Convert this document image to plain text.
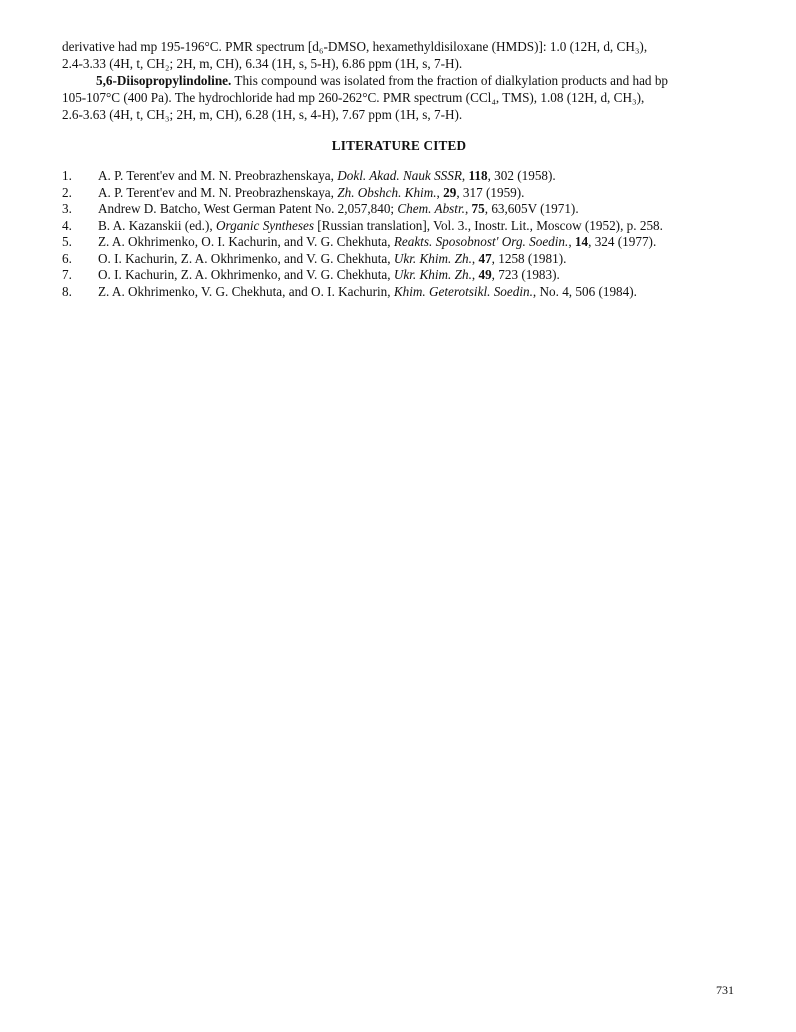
derivative had mp 195-196°C. PMR spectrum [d₆-DMSO, hexamethyldisiloxane (HMDS)]: 1.0 (12H, d, CH₃),
2.4-3.33 (4H, t, CH₂; 2H, m, CH), 6.34 (1H, s, 5-H), 6.86 ppm (1H, s, 7-H).

5,6-Diisopropylindoline. This compound was isolated from the fraction of dialkylation products and had bp
105-107°C (400 Pa). The hydrochloride had mp 260-262°C. PMR spectrum (CCl₄, TMS), 1.08 (12H, d, CH₃),
2.6-3.63 (4H, t, CH₃; 2H, m, CH), 6.28 (1H, s, 4-H), 7.67 ppm (1H, s, 7-H).

LITERATURE CITED
1.	A. P. Terent'ev and M. N. Preobrazhenskaya, Dokl. Akad. Nauk SSSR, 118, 302 (1958).
2.	A. P. Terent'ev and M. N. Preobrazhenskaya, Zh. Obshch. Khim., 29, 317 (1959).
3.	Andrew D. Batcho, West German Patent No. 2,057,840; Chem. Abstr., 75, 63,605V (1971).
4.	B. A. Kazanskii (ed.), Organic Syntheses [Russian translation], Vol. 3., Inostr. Lit., Moscow (1952), p. 258.
5.	Z. A. Okhrimenko, O. I. Kachurin, and V. G. Chekhuta, Reakts. Sposobnost' Org. Soedin., 14, 324 (1977).
6.	O. I. Kachurin, Z. A. Okhrimenko, and V. G. Chekhuta, Ukr. Khim. Zh., 47, 1258 (1981).
7.	O. I. Kachurin, Z. A. Okhrimenko, and V. G. Chekhuta, Ukr. Khim. Zh., 49, 723 (1983).
8.	Z. A. Okhrimenko, V. G. Chekhuta, and O. I. Kachurin, Khim. Geterotsikl. Soedin., No. 4, 506 (1984).
731
